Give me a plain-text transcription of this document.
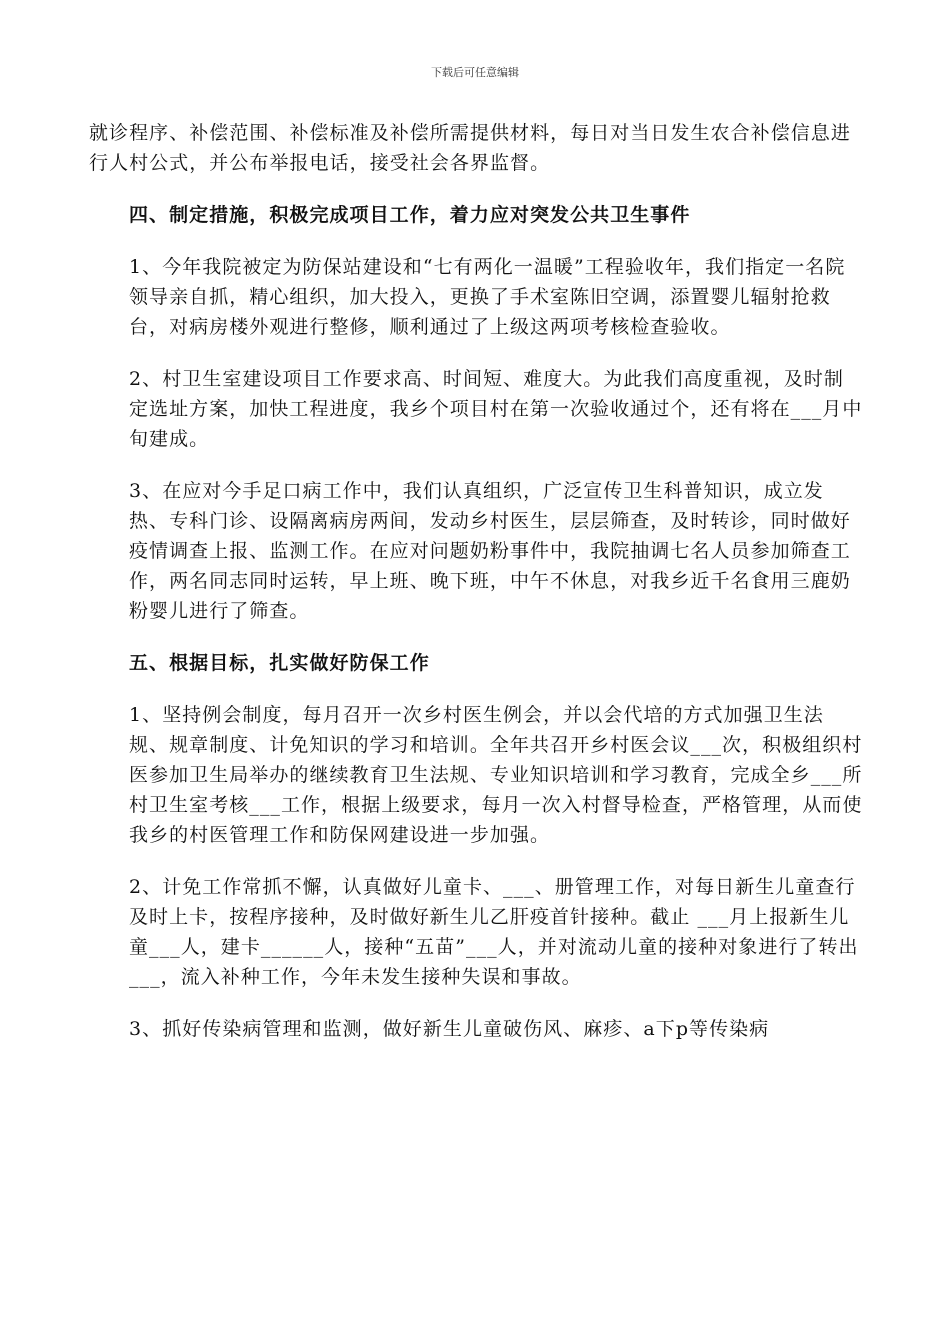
下载后可任意编辑

就诊程序、补偿范围、补偿标准及补偿所需提供材料，每日对当日发生农合补偿信息进行人村公式，并公布举报电话，接受社会各界监督。

四、制定措施，积极完成项目工作，着力应对突发公共卫生事件

1、今年我院被定为防保站建设和“七有两化一温暖”工程验收年，我们指定一名院领导亲自抓，精心组织，加大投入，更换了手术室陈旧空调，添置婴儿辐射抢救台，对病房楼外观进行整修，顺利通过了上级这两项考核检查验收。

2、村卫生室建设项目工作要求高、时间短、难度大。为此我们高度重视，及时制定选址方案，加快工程进度，我乡个项目村在第一次验收通过个，还有将在___月中旬建成。

3、在应对今手足口病工作中，我们认真组织，广泛宣传卫生科普知识，成立发热、专科门诊、设隔离病房两间，发动乡村医生，层层筛查，及时转诊，同时做好疫情调查上报、监测工作。在应对问题奶粉事件中，我院抽调七名人员参加筛查工作，两名同志同时运转，早上班、晚下班，中午不休息，对我乡近千名食用三鹿奶粉婴儿进行了筛查。

五、根据目标，扎实做好防保工作

1、坚持例会制度，每月召开一次乡村医生例会，并以会代培的方式加强卫生法规、规章制度、计免知识的学习和培训。全年共召开乡村医会议___次，积极组织村医参加卫生局举办的继续教育卫生法规、专业知识培训和学习教育，完成全乡___所村卫生室考核___工作，根据上级要求，每月一次入村督导检查，严格管理，从而使我乡的村医管理工作和防保网建设进一步加强。

2、计免工作常抓不懈，认真做好儿童卡、___、册管理工作，对每日新生儿童查行及时上卡，按程序接种，及时做好新生儿乙肝疫首针接种。截止 ___月上报新生儿童___人，建卡______人，接种“五苗”___人，并对流动儿童的接种对象进行了转出___，流入补种工作，今年未发生接种失误和事故。

3、抓好传染病管理和监测，做好新生儿童破伤风、麻疹、a下p等传染病
